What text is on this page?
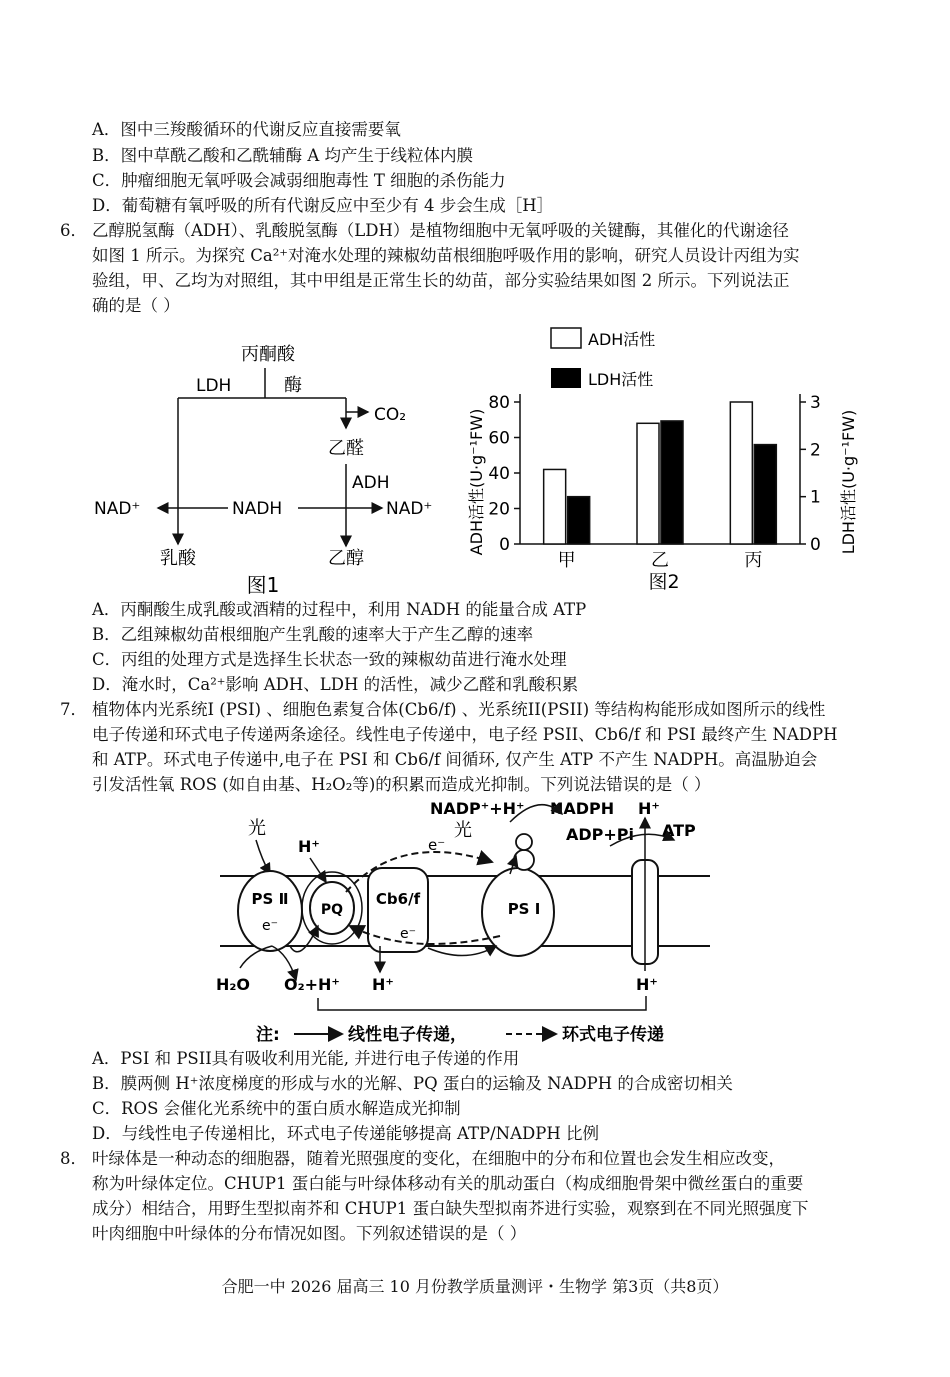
A．图中三羧酸循环的代谢反应直接需要氧
B．图中草酰乙酸和乙酰辅酶 A 均产生于线粒体内膜
C．肿瘤细胞无氧呼吸会减弱细胞毒性 T 细胞的杀伤能力
D．葡萄糖有氧呼吸的所有代谢反应中至少有 4 步会生成［H］
6． 乙醇脱氢酶（ADH）、乳酸脱氢酶（LDH）是植物细胞中无氧呼吸的关键酶，其催化的代谢途径
如图 1 所示。为探究 Ca²⁺对淹水处理的辣椒幼苗根细胞呼吸作用的影响，研究人员设计丙组为实
验组，甲、乙均为对照组，其中甲组是正常生长的幼苗，部分实验结果如图 2 所示。下列说法正
确的是（ ）
丙酮酸
LDH	酶
CO₂
乙醛
ADH
NAD⁺	NADH	NAD⁺
乳酸	乙醇
图1
ADH活性
LDH活性
ADH活性(U·g⁻¹FW)	LDH活性(U·g⁻¹FW)
0
20
40
60
80
0
1
2
3
甲	乙	丙
图2
A．丙酮酸生成乳酸或酒精的过程中，利用 NADH 的能量合成 ATP
B．乙组辣椒幼苗根细胞产生乳酸的速率大于产生乙醇的速率
C．丙组的处理方式是选择生长状态一致的辣椒幼苗进行淹水处理
D．淹水时，Ca²⁺影响 ADH、LDH 的活性，减少乙醛和乳酸积累
7． 植物体内光系统I (PSI) 、细胞色素复合体(Cb6/f) 、光系统II(PSII) 等结构构能形成如图所示的线性
电子传递和环式电子传递两条途径。线性电子传递中，电子经 PSII、Cb6/f 和 PSI 最终产生 NADPH
和 ATP。环式电子传递中,电子在 PSI 和 Cb6/f 间循环, 仅产生 ATP 不产生 NADPH。高温胁迫会
引发活性氧 ROS (如自由基、H₂O₂等)的积累而造成光抑制。下列说法错误的是（ ）
NADP⁺+H⁺ NADPH H⁺
光	光	ADP+Pi ATP
H⁺	e⁻
PS Ⅱ
e⁻
PQ
Cb6/f
e⁻
PS Ⅰ
H₂O O₂+H⁺ H⁺	H⁺
注:	线性电子传递，	环式电子传递
A．PSI 和 PSII具有吸收利用光能, 并进行电子传递的作用
B．膜两侧 H⁺浓度梯度的形成与水的光解、PQ 蛋白的运输及 NADPH 的合成密切相关
C．ROS 会催化光系统中的蛋白质水解造成光抑制
D．与线性电子传递相比，环式电子传递能够提高 ATP/NADPH 比例
8． 叶绿体是一种动态的细胞器，随着光照强度的变化，在细胞中的分布和位置也会发生相应改变，
称为叶绿体定位。CHUP1 蛋白能与叶绿体移动有关的肌动蛋白（构成细胞骨架中微丝蛋白的重要
成分）相结合，用野生型拟南芥和 CHUP1 蛋白缺失型拟南芥进行实验，观察到在不同光照强度下
叶肉细胞中叶绿体的分布情况如图。下列叙述错误的是（ ）
合肥一中 2026 届高三 10 月份教学质量测评・生物学 第3页（共8页）
